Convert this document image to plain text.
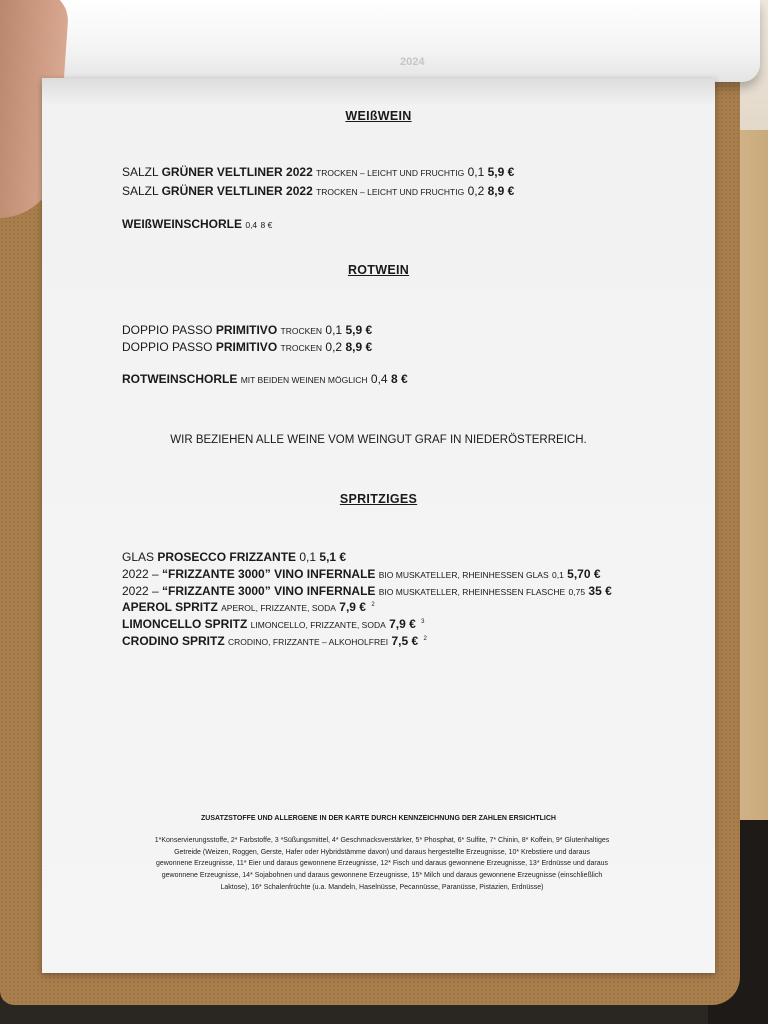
2024
WEIßWEIN
SALZL GRÜNER VELTLINER 2022 TROCKEN – LEICHT UND FRUCHTIG 0,1 5,9 €
SALZL GRÜNER VELTLINER 2022 TROCKEN – LEICHT UND FRUCHTIG 0,2 8,9 €
WEIßWEINSCHORLE 0,4 8 €
ROTWEIN
DOPPIO PASSO PRIMITIVO TROCKEN 0,1 5,9 €
DOPPIO PASSO PRIMITIVO TROCKEN 0,2 8,9 €
ROTWEINSCHORLE MIT BEIDEN WEINEN MÖGLICH 0,4 8 €
WIR BEZIEHEN ALLE WEINE VOM WEINGUT GRAF IN NIEDERÖSTERREICH.
SPRITZIGES
GLAS PROSECCO FRIZZANTE 0,1 5,1 €
2022 – “FRIZZANTE 3000” VINO INFERNALE BIO MUSKATELLER, RHEINHESSEN GLAS 0,1 5,70 €
2022 – “FRIZZANTE 3000” VINO INFERNALE BIO MUSKATELLER, RHEINHESSEN FLASCHE 0,75 35 €
APEROL SPRITZ APEROL, FRIZZANTE, SODA 7,9 € $^2$
LIMONCELLO SPRITZ LIMONCELLO, FRIZZANTE, SODA 7,9 € $^3$
CRODINO SPRITZ CRODINO, FRIZZANTE – ALKOHOLFREI 7,5 € $^2$
ZUSATZSTOFFE UND ALLERGENE IN DER KARTE DURCH KENNZEICHNUNG DER ZAHLEN ERSICHTLICH
1*Konservierungsstoffe, 2* Farbstoffe, 3 *Süßungsmittel, 4* Geschmacksverstärker, 5* Phosphat, 6* Sulfite, 7* Chinin, 8* Koffein, 9* Glutenhaltiges
Getreide (Weizen, Roggen, Gerste, Hafer oder Hybridstämme davon) und daraus hergestellte Erzeugnisse, 10* Krebstiere und daraus
gewonnene Erzeugnisse, 11* Eier und daraus gewonnene Erzeugnisse, 12* Fisch und daraus gewonnene Erzeugnisse, 13* Erdnüsse und daraus
gewonnene Erzeugnisse, 14* Sojabohnen und daraus gewonnene Erzeugnisse, 15* Milch und daraus gewonnene Erzeugnisse (einschließlich
Laktose), 16* Schalenfrüchte (u.a. Mandeln, Haselnüsse, Pecannüsse, Paranüsse, Pistazien, Erdnüsse)
